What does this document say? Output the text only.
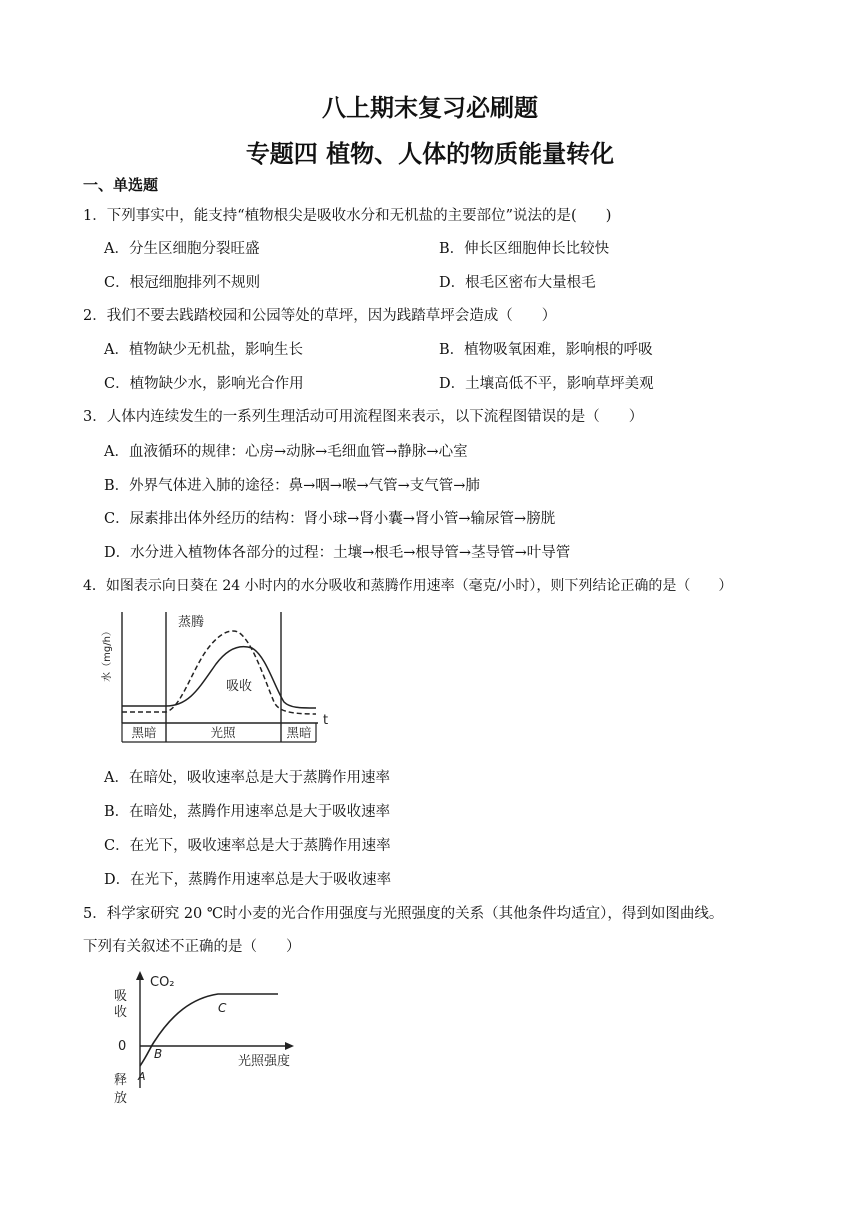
八上期末复习必刷题
专题四 植物、人体的物质能量转化
一、单选题
1．下列事实中，能支持“植物根尖是吸收水分和无机盐的主要部位”说法的是(　　)
A．分生区细胞分裂旺盛	B．伸长区细胞伸长比较快
C．根冠细胞排列不规则	D．根毛区密布大量根毛
2．我们不要去践踏校园和公园等处的草坪，因为践踏草坪会造成（　　）
A．植物缺少无机盐，影响生长	B．植物吸氧困难，影响根的呼吸
C．植物缺少水，影响光合作用	D．土壤高低不平，影响草坪美观
3．人体内连续发生的一系列生理活动可用流程图来表示，以下流程图错误的是（　　）
A．血液循环的规律：心房→动脉→毛细血管→静脉→心室
B．外界气体进入肺的途径：鼻→咽→喉→气管→支气管→肺
C．尿素排出体外经历的结构：肾小球→肾小囊→肾小管→输尿管→膀胱
D．水分进入植物体各部分的过程：土壤→根毛→根导管→茎导管→叶导管
4．如图表示向日葵在 24 小时内的水分吸收和蒸腾作用速率（毫克/小时），则下列结论正确的是（　　）
水（mg/h）
t
蒸腾
吸收
黑暗	光照	黑暗
A．在暗处，吸收速率总是大于蒸腾作用速率
B．在暗处，蒸腾作用速率总是大于吸收速率
C．在光下，吸收速率总是大于蒸腾作用速率
D．在光下，蒸腾作用速率总是大于吸收速率
5．科学家研究 20 ℃时小麦的光合作用强度与光照强度的关系（其他条件均适宜），得到如图曲线。
下列有关叙述不正确的是（　　）
CO₂
吸
收
0
释
放
光照强度
A
B
C
